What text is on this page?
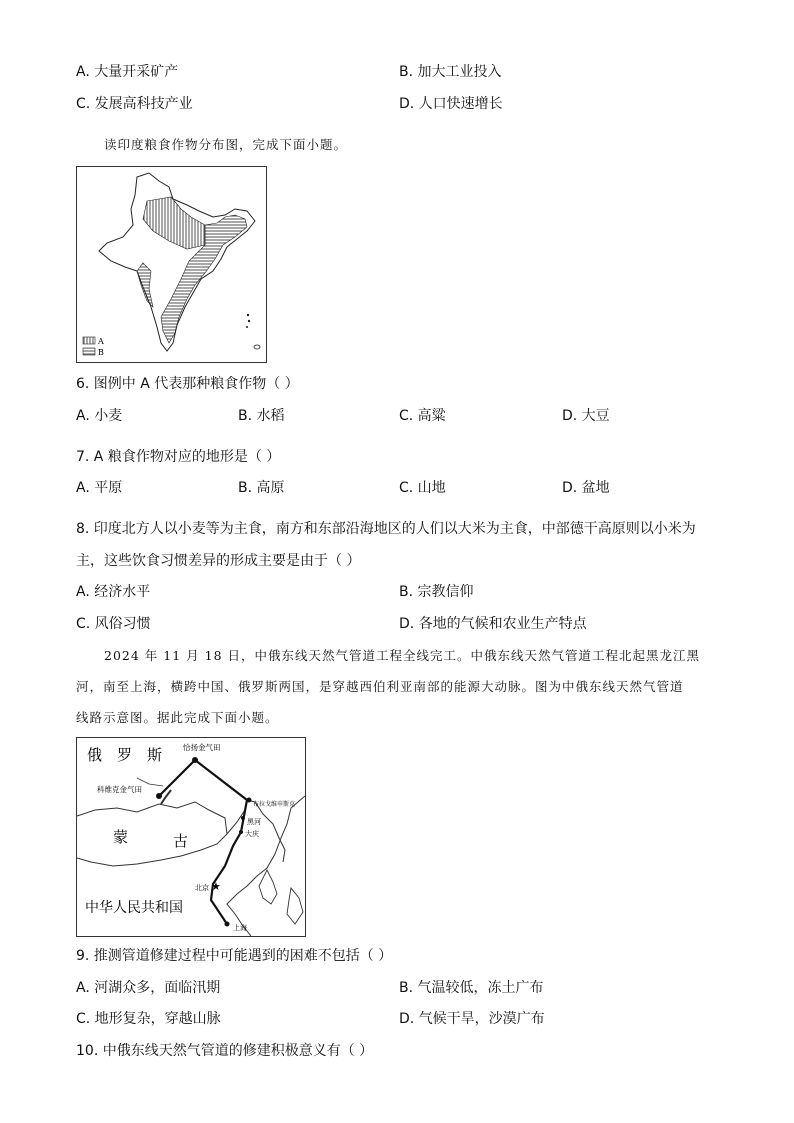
A. 大量开采矿产	B. 加大工业投入
C. 发展高科技产业	D. 人口快速增长
读印度粮食作物分布图，完成下面小题。
A
B
6. 图例中 A 代表那种粮食作物（ ）
A. 小麦	B. 水稻	C. 高粱	D. 大豆
7. A 粮食作物对应的地形是（ ）
A. 平原	B. 高原	C. 山地	D. 盆地
8. 印度北方人以小麦等为主食，南方和东部沿海地区的人们以大米为主食，中部德干高原则以小米为
主，这些饮食习惯差异的形成主要是由于（ ）
A. 经济水平	B. 宗教信仰
C. 风俗习惯	D. 各地的气候和农业生产特点
2024 年 11 月 18 日，中俄东线天然气管道工程全线完工。中俄东线天然气管道工程北起黑龙江黑
河，南至上海，横跨中国、俄罗斯两国，是穿越西伯利亚南部的能源大动脉。图为中俄东线天然气管道
线路示意图。据此完成下面小题。
★
俄　罗　斯	恰扬金气田
科维克金气田
布拉戈维申斯克
黑河
大庆
北京
上海
蒙	古
中华人民共和国
9. 推测管道修建过程中可能遇到的困难不包括（ ）
A. 河湖众多，面临汛期	B. 气温较低，冻土广布
C. 地形复杂，穿越山脉	D. 气候干旱，沙漠广布
10. 中俄东线天然气管道的修建积极意义有（ ）
